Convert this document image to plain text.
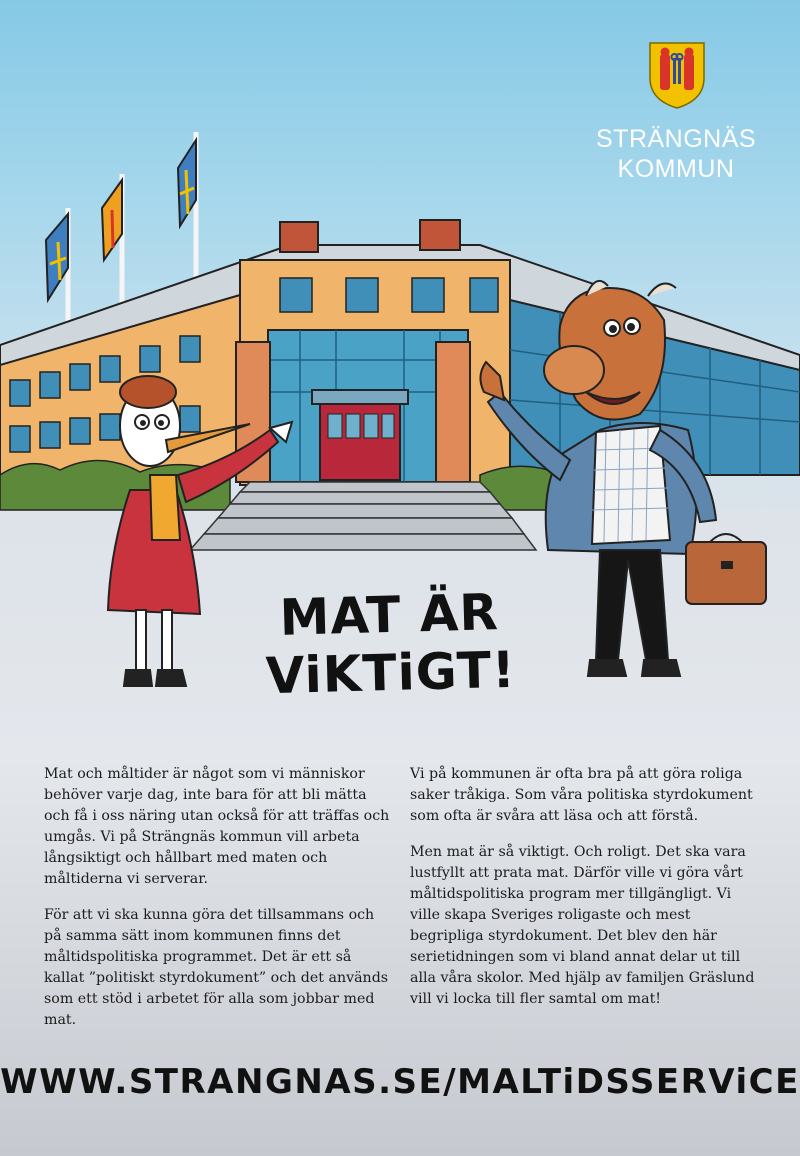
STRÄNGNÄS
KOMMUN
MAT ÄR
ViKTiGT!

Mat och måltider är något som vi människor behöver varje dag, inte bara för att bli mätta och få i oss näring utan också för att träffas och umgås. Vi på Strängnäs kommun vill arbeta långsiktigt och hållbart med maten och måltiderna vi serverar.

För att vi ska kunna göra det tillsammans och på samma sätt inom kommunen finns det måltidspolitiska programmet. Det är ett så kallat ”politiskt styrdokument” och det används som ett stöd i arbetet för alla som jobbar med mat.

Vi på kommunen är ofta bra på att göra roliga saker tråkiga. Som våra politiska styrdokument som ofta är svåra att läsa och att förstå.

Men mat är så viktigt. Och roligt. Det ska vara lustfyllt att prata mat. Därför ville vi göra vårt måltidspolitiska program mer tillgängligt. Vi ville skapa Sveriges roligaste och mest begripliga styrdokument. Det blev den här serietidningen som vi bland annat delar ut till alla våra skolor. Med hjälp av familjen Gräslund vill vi locka till fler samtal om mat!

WWW.STRANGNAS.SE/MALTiDSSERViCE
